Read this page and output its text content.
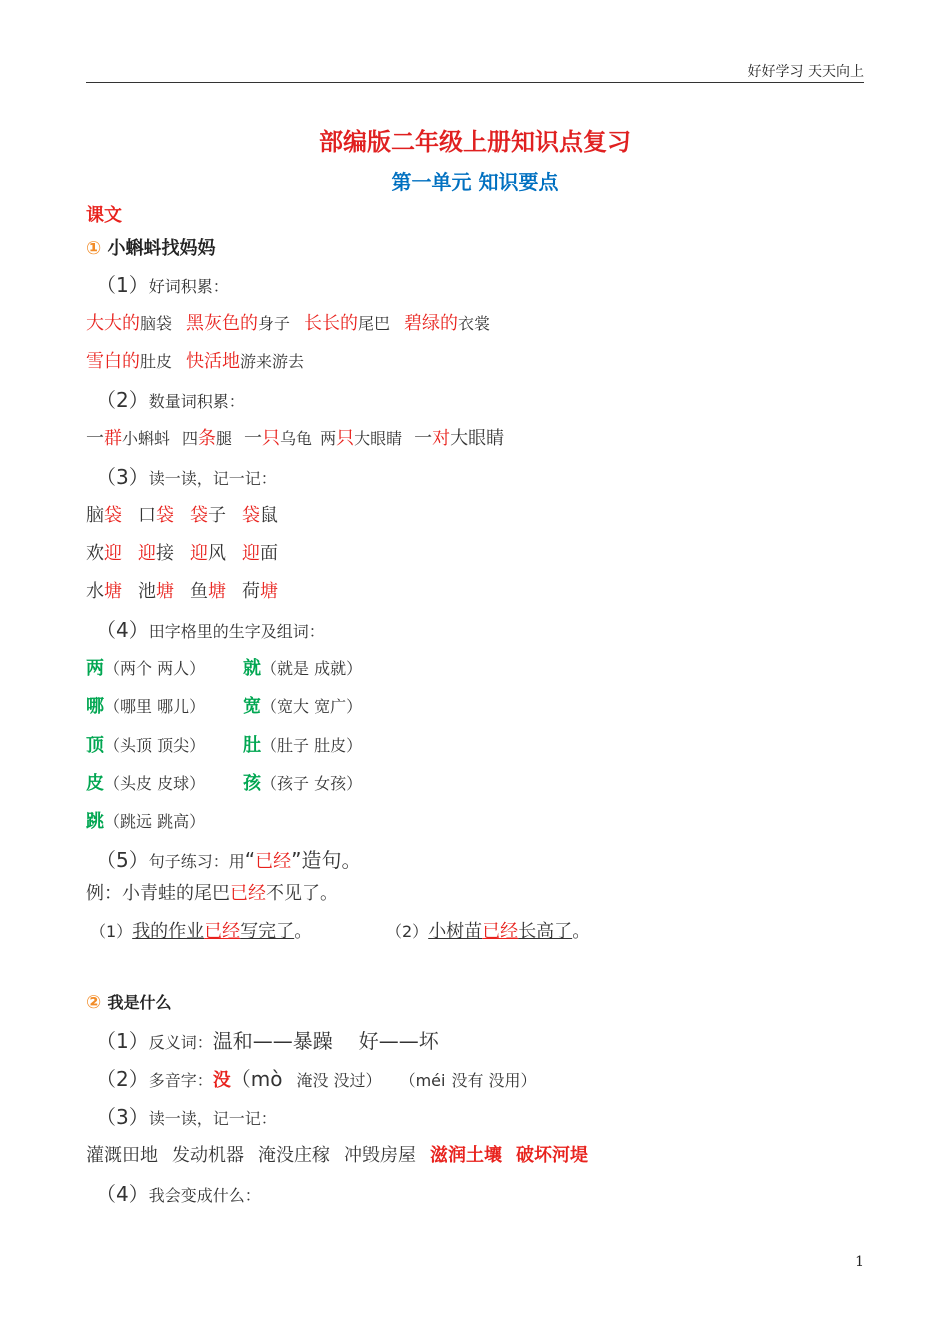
好好学习 天天向上
部编版二年级上册知识点复习
第一单元 知识要点
课文
① 小蝌蚪找妈妈
（1）好词积累：
大大的脑袋 黑灰色的身子 长长的尾巴 碧绿的衣裳
雪白的肚皮 快活地游来游去
（2）数量词积累：
一群小蝌蚪 四条腿 一只乌龟 两只大眼睛 一对大眼睛
（3）读一读，记一记：
脑袋 口袋 袋子 袋鼠
欢迎 迎接 迎风 迎面
水塘 池塘 鱼塘 荷塘
（4）田字格里的生字及组词：
两（两个 两人） 就（就是 成就）
哪（哪里 哪儿） 宽（宽大 宽广）
顶（头顶 顶尖） 肚（肚子 肚皮）
皮（头皮 皮球） 孩（孩子 女孩）
跳（跳远 跳高）
（5）句子练习：用“已经”造句。
例：小青蛙的尾巴已经不见了。
（1）我的作业已经写完了。	（2）小树苗已经长高了。
② 我是什么
（1）反义词：温和——暴躁 好——坏
（2）多音字：没（mò 淹没 没过） （méi 没有 没用）
（3）读一读，记一记：
灌溉田地 发动机器 淹没庄稼 冲毁房屋 滋润土壤 破坏河堤
（4）我会变成什么：
1
